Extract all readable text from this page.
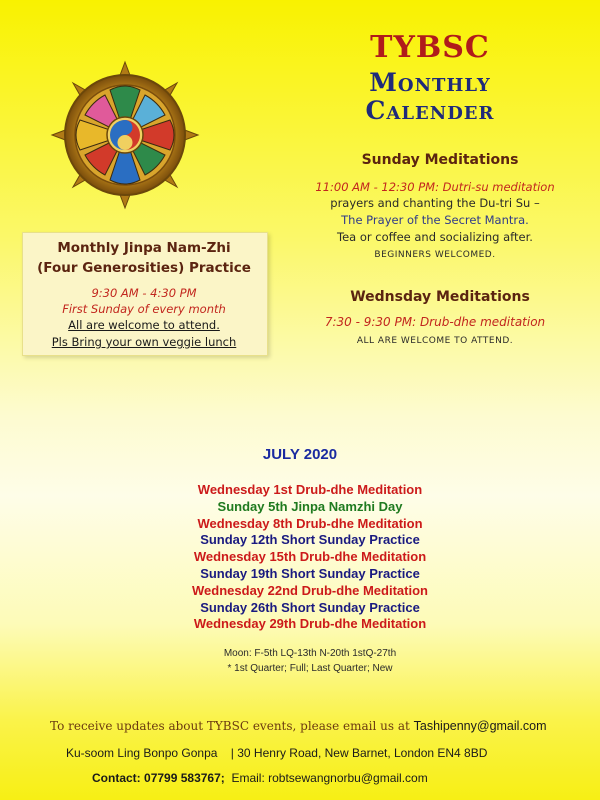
TYBSC
Monthly
Calender
Sunday Meditations
11:00 AM - 12:30 PM: Dutri-su meditation
prayers and chanting the Du-tri Su –
The Prayer of the Secret Mantra.
Tea or coffee and socializing after.
BEGINNERS WELCOMED.
Wednsday Meditations
7:30 - 9:30 PM: Drub-dhe meditation
ALL ARE WELCOME TO ATTEND.
Monthly Jinpa Nam-Zhi
(Four Generosities) Practice
9:30 AM - 4:30 PM
First Sunday of every month
All are welcome to attend.
Pls Bring your own veggie lunch
JULY 2020
Wednesday 1st Drub-dhe Meditation
Sunday 5th Jinpa Namzhi Day
Wednesday 8th Drub-dhe Meditation
Sunday 12th Short Sunday Practice
Wednesday 15th Drub-dhe Meditation
Sunday 19th Short Sunday Practice
Wednesday 22nd Drub-dhe Meditation
Sunday 26th Short Sunday Practice
Wednesday 29th Drub-dhe Meditation
Moon: F-5th LQ-13th N-20th 1stQ-27th
* 1st Quarter; Full; Last Quarter; New
To receive updates about TYBSC events, please email us at Tashipenny@gmail.com
Ku-soom Ling Bonpo Gonpa | 30 Henry Road, New Barnet, London EN4 8BD
Contact: 07799 583767; Email: robtsewangnorbu@gmail.com
